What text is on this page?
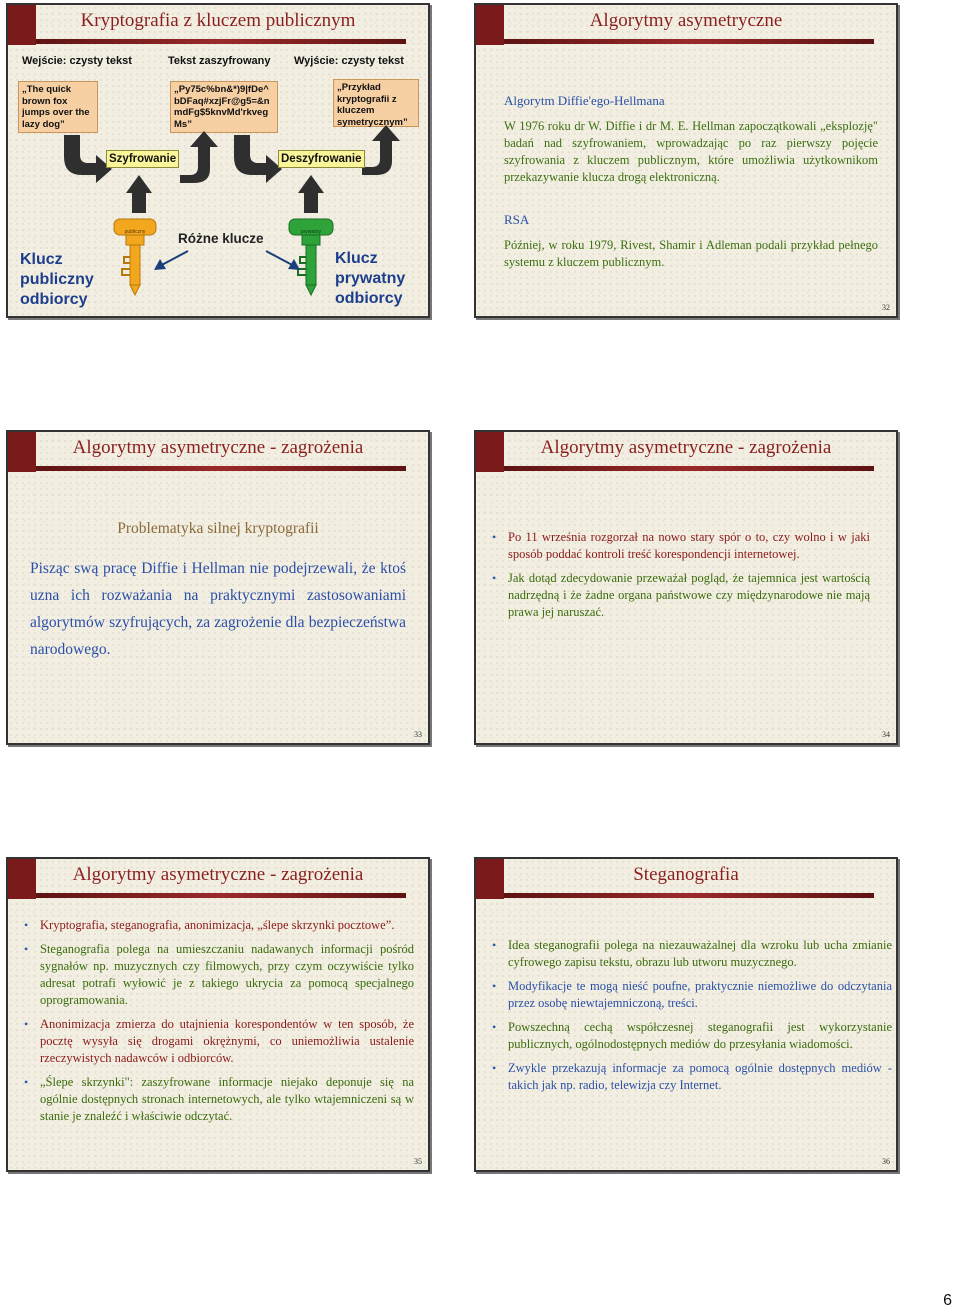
Kryptografia z kluczem publicznym
Wejście: czysty tekst	Tekst zaszyfrowany Wyjście: czysty tekst
„The quick brown fox jumps over the lazy dog”
„Py75c%bn&*)9|fDe^ bDFaq#xzjFr@g5=&n mdFg$5knvMd'rkveg Ms”
„Przykład kryptografii z kluczem symetrycznym”
Szyfrowanie	Deszyfrowanie
publiczny	prywatny
Różne klucze
Klucz
publiczny
odbiorcy
Klucz
prywatny
odbiorcy
Algorytmy asymetryczne
Algorytm Diffie'ego-Hellmana
W 1976 roku dr W. Diffie i dr M. E. Hellman zapoczątkowali „eksplozję" badań nad szyfrowaniem, wprowadzając po raz pierwszy pojęcie szyfrowania z kluczem publicznym, które umożliwia użytkownikom przekazywanie klucza drogą elektroniczną.
RSA
Później, w roku 1979, Rivest, Shamir i Adleman podali przykład pełnego systemu z kluczem publicznym.
32
Algorytmy asymetryczne - zagrożenia
Problematyka silnej kryptografii
Pisząc swą pracę Diffie i Hellman nie podejrzewali, że ktoś uzna ich rozważania na praktycznymi zastosowaniami algorytmów szyfrujących, za zagrożenie dla bezpieczeństwa narodowego.
33
Algorytmy asymetryczne - zagrożenia
• Po 11 września rozgorzał na nowo stary spór o to, czy wolno i w jaki sposób poddać kontroli treść korespondencji internetowej.
• Jak dotąd zdecydowanie przeważał pogląd, że tajemnica jest wartością nadrzędną i że żadne organa państwowe czy międzynarodowe nie mają prawa jej naruszać.
34
Algorytmy asymetryczne - zagrożenia
• Kryptografia, steganografia, anonimizacja, „ślepe skrzynki pocztowe”.
• Steganografia polega na umieszczaniu nadawanych informacji pośród sygnałów np. muzycznych czy filmowych, przy czym oczywiście tylko adresat potrafi wyłowić je z takiego ukrycia za pomocą specjalnego oprogramowania.
• Anonimizacja zmierza do utajnienia korespondentów w ten sposób, że pocztę wysyła się drogami okrężnymi, co uniemożliwia ustalenie rzeczywistych nadawców i odbiorców.
• „Ślepe skrzynki": zaszyfrowane informacje niejako deponuje się na ogólnie dostępnych stronach internetowych, ale tylko wtajemniczeni są w stanie je znaleźć i właściwie odczytać.
35
Steganografia
• Idea steganografii polega na niezauważalnej dla wzroku lub ucha zmianie cyfrowego zapisu tekstu, obrazu lub utworu muzycznego.
• Modyfikacje te mogą nieść poufne, praktycznie niemożliwe do odczytania przez osobę niewtajemniczoną, treści.
• Powszechną cechą współczesnej steganografii jest wykorzystanie publicznych, ogólnodostępnych mediów do przesyłania wiadomości.
• Zwykle przekazują informacje za pomocą ogólnie dostępnych mediów - takich jak np. radio, telewizja czy Internet.
36
6
